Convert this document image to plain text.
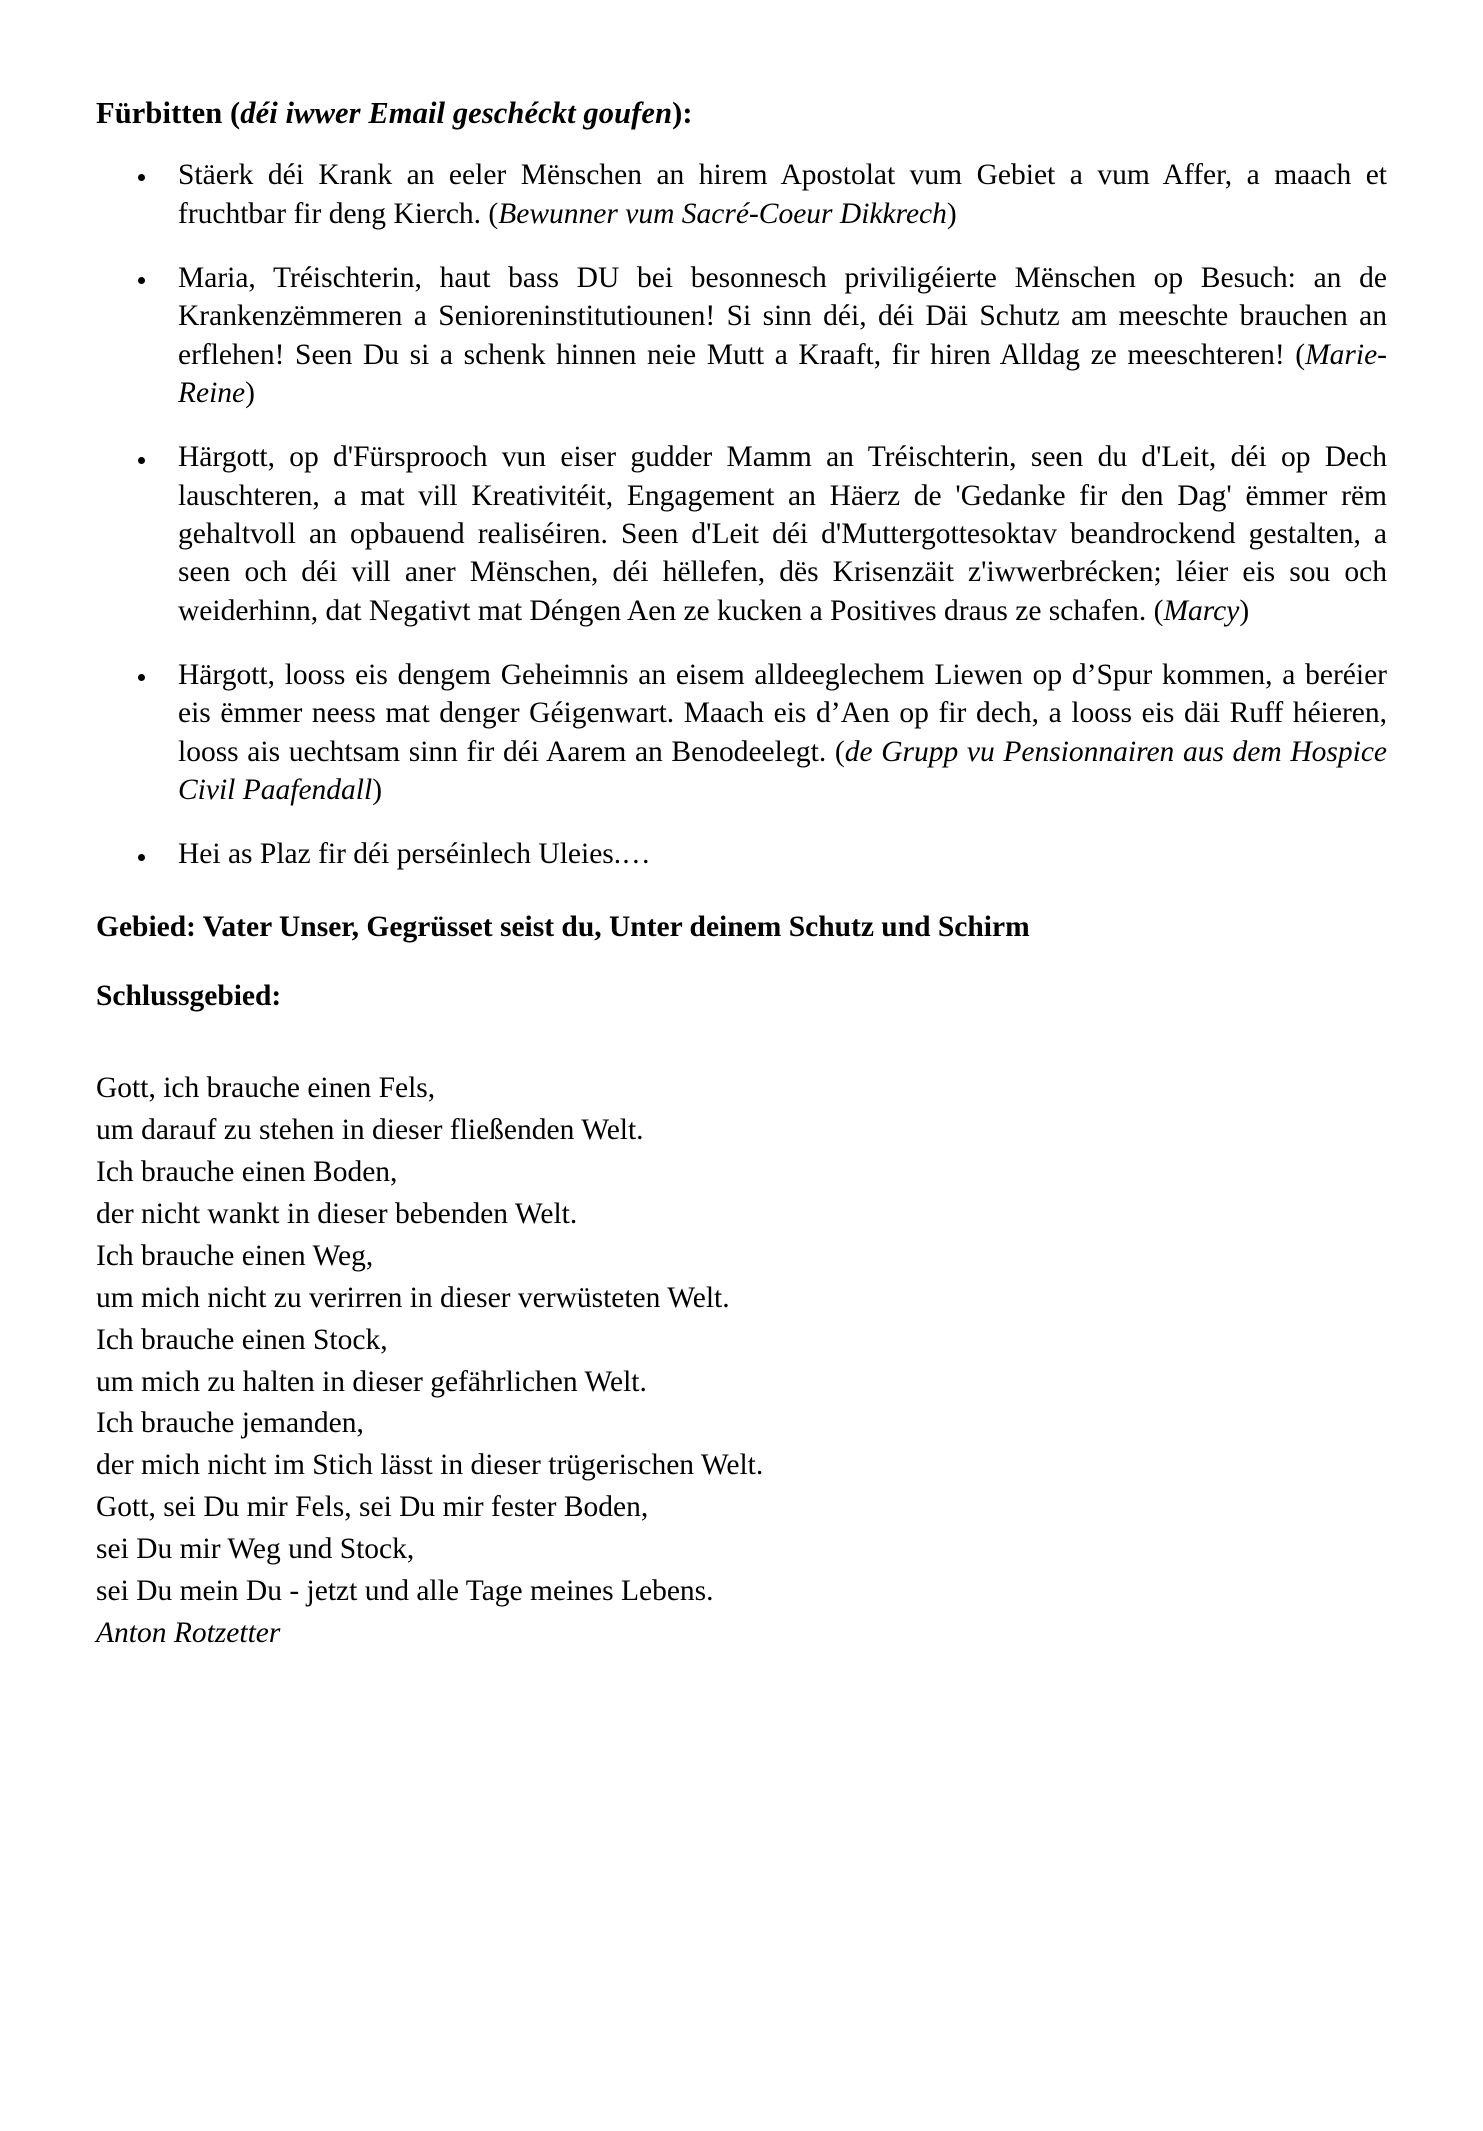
Fürbitten (déi iwwer Email geschéckt goufen):

Stäerk déi Krank an eeler Mënschen an hirem Apostolat vum Gebiet a vum Affer, a maach et fruchtbar fir deng Kierch. (Bewunner vum Sacré-Coeur Dikkrech)
Maria, Tréischterin, haut bass DU bei besonnesch priviligéierte Mënschen op Besuch: an de Krankenzëmmeren a Senioreninstitutiounen! Si sinn déi, déi Däi Schutz am meeschte brauchen an erflehen! Seen Du si a schenk hinnen neie Mutt a Kraaft, fir hiren Alldag ze meeschteren! (Marie-Reine)
Härgott, op d'Fürsprooch vun eiser gudder Mamm an Tréischterin, seen du d'Leit, déi op Dech lauschteren, a mat vill Kreativitéit, Engagement an Häerz de 'Gedanke fir den Dag' ëmmer rëm gehaltvoll an opbauend realiséiren. Seen d'Leit déi d'Muttergottesoktav beandrockend gestalten, a seen och déi vill aner Mënschen, déi hëllefen, dës Krisenzäit z'iwwerbrécken; léier eis sou och weiderhinn, dat Negativt mat Déngen Aen ze kucken a Positives draus ze schafen. (Marcy)
Härgott, looss eis dengem Geheimnis an eisem alldeeglechem Liewen op d’Spur kommen, a beréier eis ëmmer neess mat denger Géigenwart. Maach eis d’Aen op fir dech, a looss eis däi Ruff héieren, looss ais uechtsam sinn fir déi Aarem an Benodeelegt. (de Grupp vu Pensionnairen aus dem Hospice Civil Paafendall)
Hei as Plaz fir déi perséinlech Uleies.…

Gebied: Vater Unser, Gegrüsset seist du, Unter deinem Schutz und Schirm

Schlussgebied:

Gott, ich brauche einen Fels,
um darauf zu stehen in dieser fließenden Welt.
Ich brauche einen Boden,
der nicht wankt in dieser bebenden Welt.
Ich brauche einen Weg,
um mich nicht zu verirren in dieser verwüsteten Welt.
Ich brauche einen Stock,
um mich zu halten in dieser gefährlichen Welt.
Ich brauche jemanden,
der mich nicht im Stich lässt in dieser trügerischen Welt.
Gott, sei Du mir Fels, sei Du mir fester Boden,
sei Du mir Weg und Stock,
sei Du mein Du - jetzt und alle Tage meines Lebens.
Anton Rotzetter
